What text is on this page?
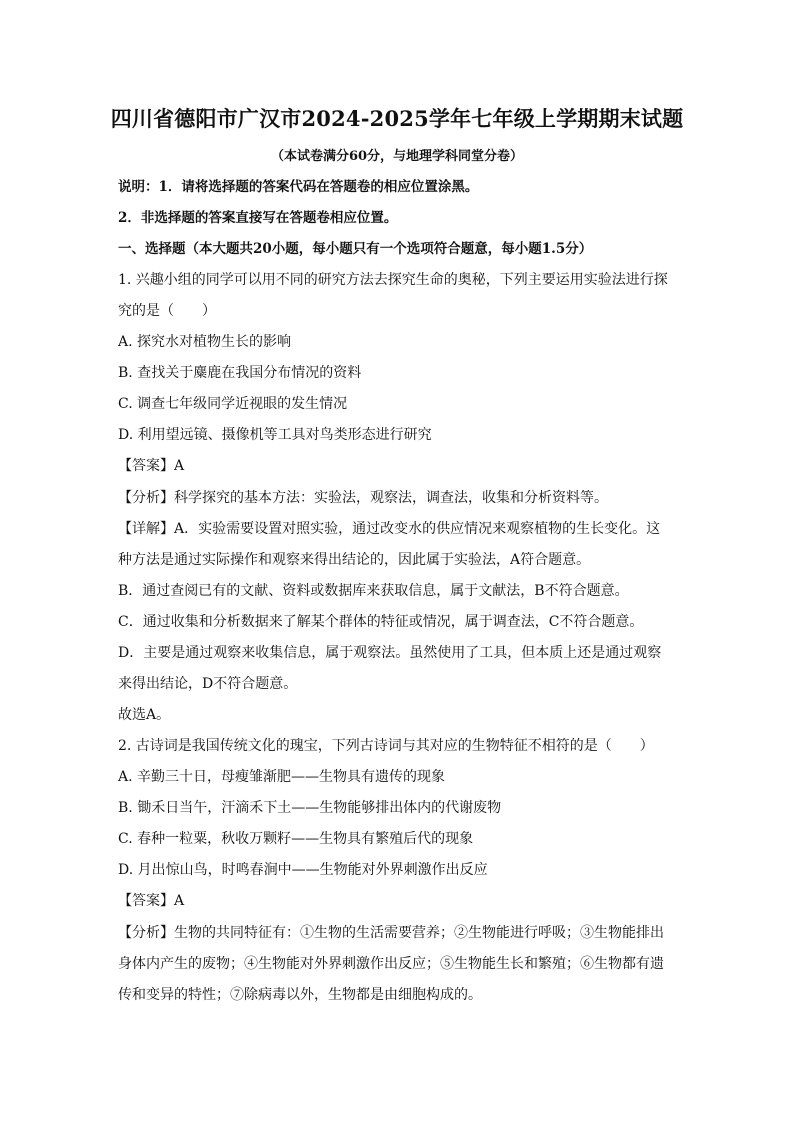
四川省德阳市广汉市2024-2025学年七年级上学期期末试题
（本试卷满分60分，与地理学科同堂分卷）
说明：1．请将选择题的答案代码在答题卷的相应位置涂黑。
2．非选择题的答案直接写在答题卷相应位置。
一、选择题（本大题共20小题，每小题只有一个选项符合题意，每小题1.5分）
1. 兴趣小组的同学可以用不同的研究方法去探究生命的奥秘，下列主要运用实验法进行探
究的是（　　）
A. 探究水对植物生长的影响
B. 查找关于麋鹿在我国分布情况的资料
C. 调查七年级同学近视眼的发生情况
D. 利用望远镜、摄像机等工具对鸟类形态进行研究
【答案】A
【分析】科学探究的基本方法：实验法，观察法，调查法，收集和分析资料等。
【详解】A．实验需要设置对照实验，通过改变水的供应情况来观察植物的生长变化。这
种方法是通过实际操作和观察来得出结论的，因此属于实验法，A符合题意。
B．通过查阅已有的文献、资料或数据库来获取信息，属于文献法，B不符合题意。
C．通过收集和分析数据来了解某个群体的特征或情况，属于调查法，C不符合题意。
D．主要是通过观察来收集信息，属于观察法。虽然使用了工具，但本质上还是通过观察
来得出结论，D不符合题意。
故选A。
2. 古诗词是我国传统文化的瑰宝，下列古诗词与其对应的生物特征不相符的是（　　）
A. 辛勤三十日，母瘦雏渐肥——生物具有遗传的现象
B. 锄禾日当午，汗滴禾下土——生物能够排出体内的代谢废物
C. 春种一粒粟，秋收万颗籽——生物具有繁殖后代的现象
D. 月出惊山鸟，时鸣春涧中——生物能对外界刺激作出反应
【答案】A
【分析】生物的共同特征有：①生物的生活需要营养；②生物能进行呼吸；③生物能排出
身体内产生的废物；④生物能对外界刺激作出反应；⑤生物能生长和繁殖；⑥生物都有遗
传和变异的特性；⑦除病毒以外，生物都是由细胞构成的。
